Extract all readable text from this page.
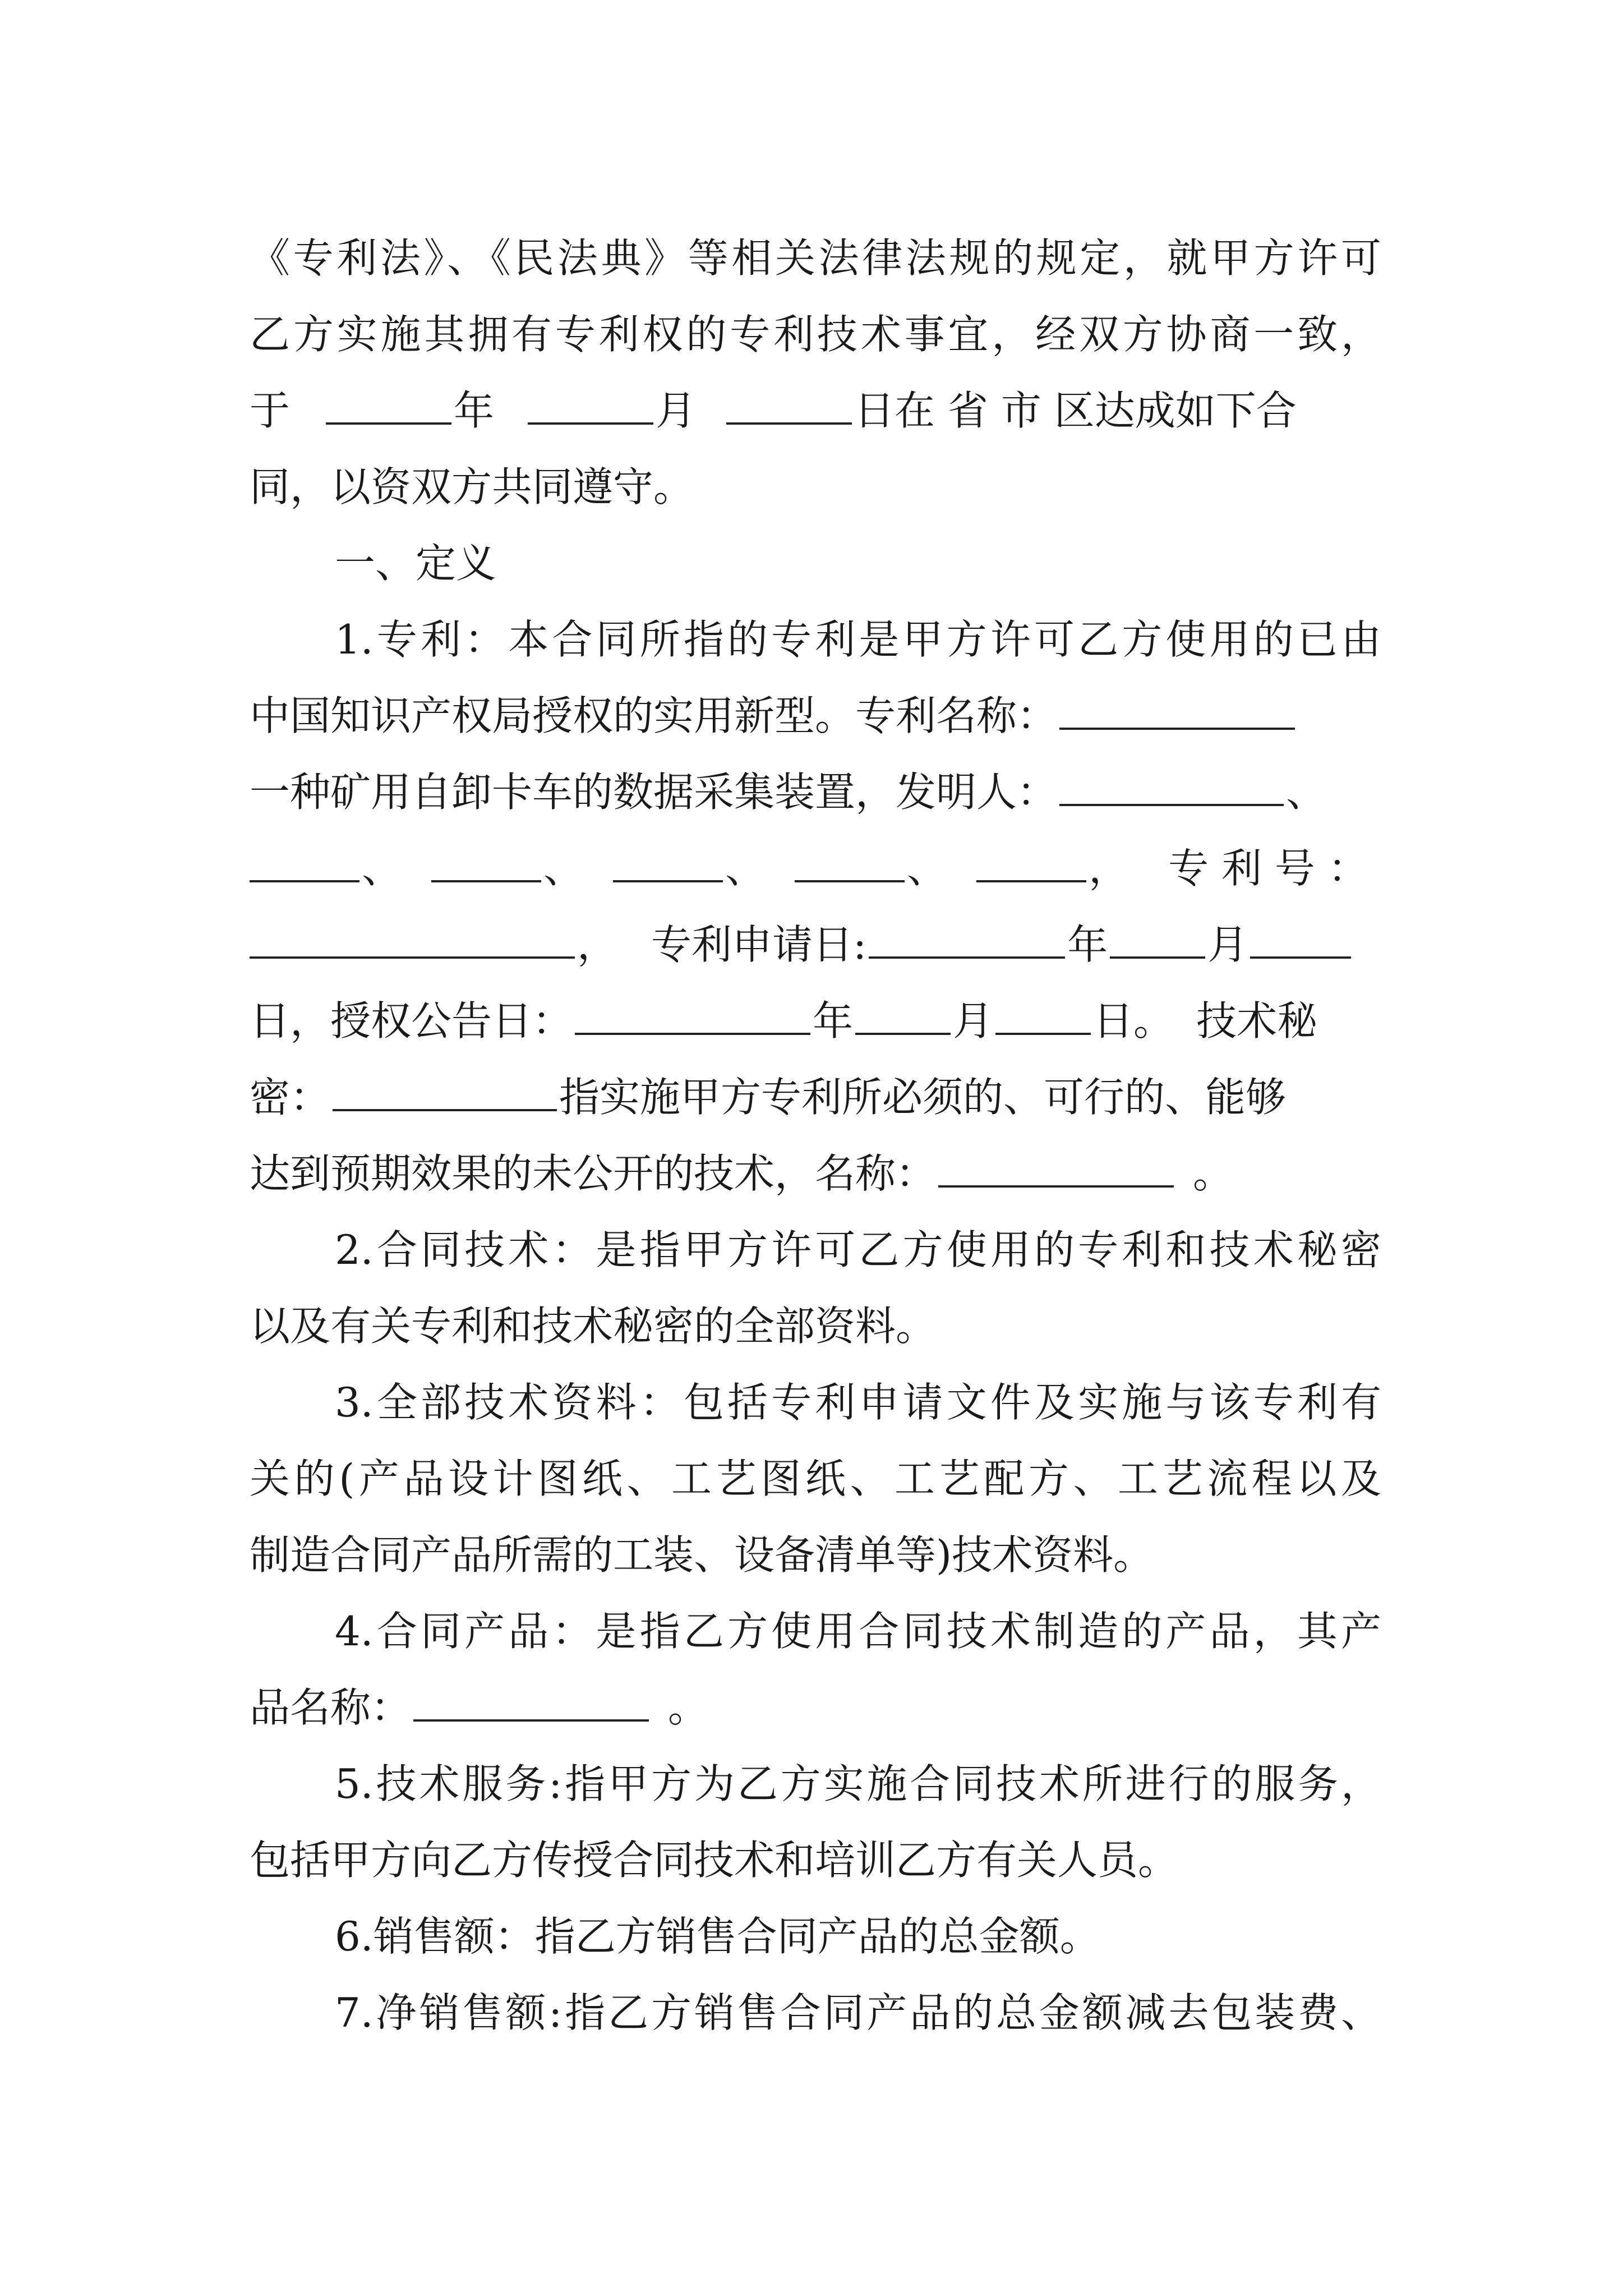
《专利法》、《民法典》等相关法律法规的规定，就甲方许可
乙方实施其拥有专利权的专利技术事宜，经双方协商一致，
于	年	月	日在 省 市 区达成如下合
同，以资双方共同遵守。
一、定义
1.专利：本合同所指的专利是甲方许可乙方使用的已由
中国知识产权局授权的实用新型。专利名称：
一种矿用自卸卡车的数据采集装置，发明人：	、
、	、	、	、	， 专 利 号 ：
， 专利申请日:	年 月
日，授权公告日：	年 月 日。 技术秘
密：	指实施甲方专利所必须的、可行的、能够
达到预期效果的未公开的技术，名称：	。
2.合同技术：是指甲方许可乙方使用的专利和技术秘密
以及有关专利和技术秘密的全部资料。
3.全部技术资料：包括专利申请文件及实施与该专利有
关的(产品设计图纸、工艺图纸、工艺配方、工艺流程以及
制造合同产品所需的工装、设备清单等)技术资料。
4.合同产品：是指乙方使用合同技术制造的产品，其产
品名称：	。
5.技术服务:指甲方为乙方实施合同技术所进行的服务，
包括甲方向乙方传授合同技术和培训乙方有关人员。
6.销售额：指乙方销售合同产品的总金额。
7.净销售额:指乙方销售合同产品的总金额减去包装费、
